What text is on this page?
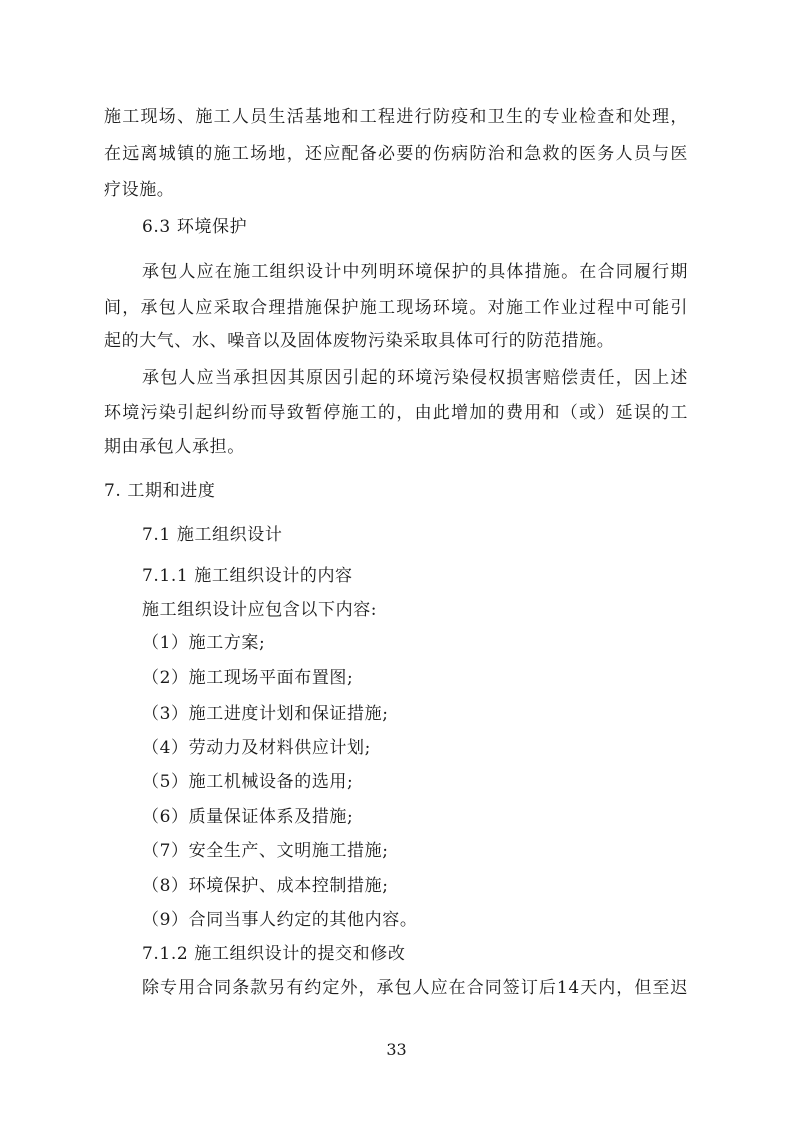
施工现场、施工人员生活基地和工程进行防疫和卫生的专业检查和处理，
在远离城镇的施工场地，还应配备必要的伤病防治和急救的医务人员与医
疗设施。
6.3 环境保护
承包人应在施工组织设计中列明环境保护的具体措施。在合同履行期
间，承包人应采取合理措施保护施工现场环境。对施工作业过程中可能引
起的大气、水、噪音以及固体废物污染采取具体可行的防范措施。
承包人应当承担因其原因引起的环境污染侵权损害赔偿责任，因上述
环境污染引起纠纷而导致暂停施工的，由此增加的费用和（或）延误的工
期由承包人承担。
7. 工期和进度
7.1 施工组织设计
7.1.1 施工组织设计的内容
施工组织设计应包含以下内容:
（1）施工方案;
（2）施工现场平面布置图;
（3）施工进度计划和保证措施;
（4）劳动力及材料供应计划;
（5）施工机械设备的选用;
（6）质量保证体系及措施;
（7）安全生产、文明施工措施;
（8）环境保护、成本控制措施;
（9）合同当事人约定的其他内容。
7.1.2 施工组织设计的提交和修改
除专用合同条款另有约定外，承包人应在合同签订后14天内，但至迟
33
